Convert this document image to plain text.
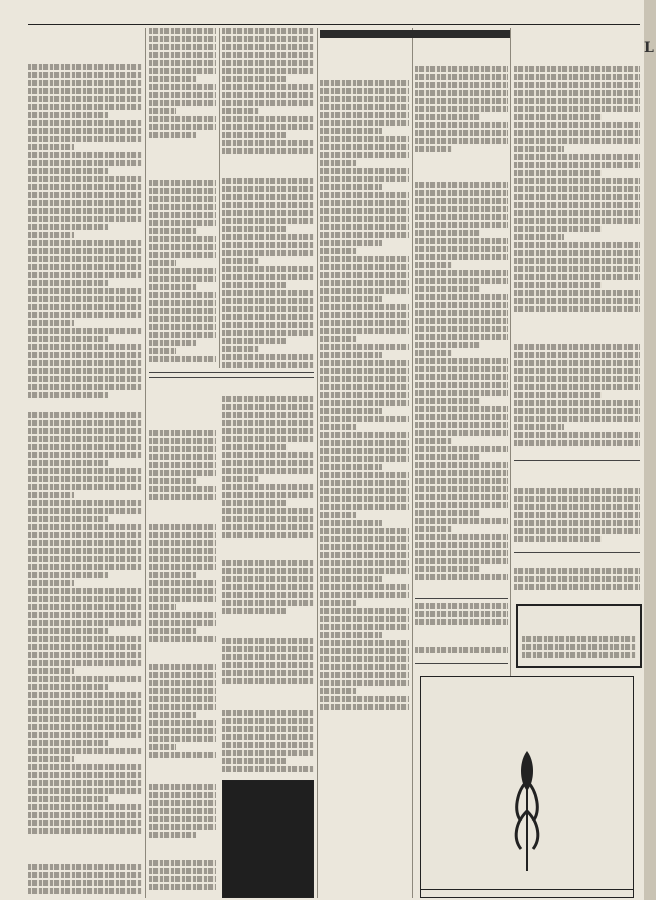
L
